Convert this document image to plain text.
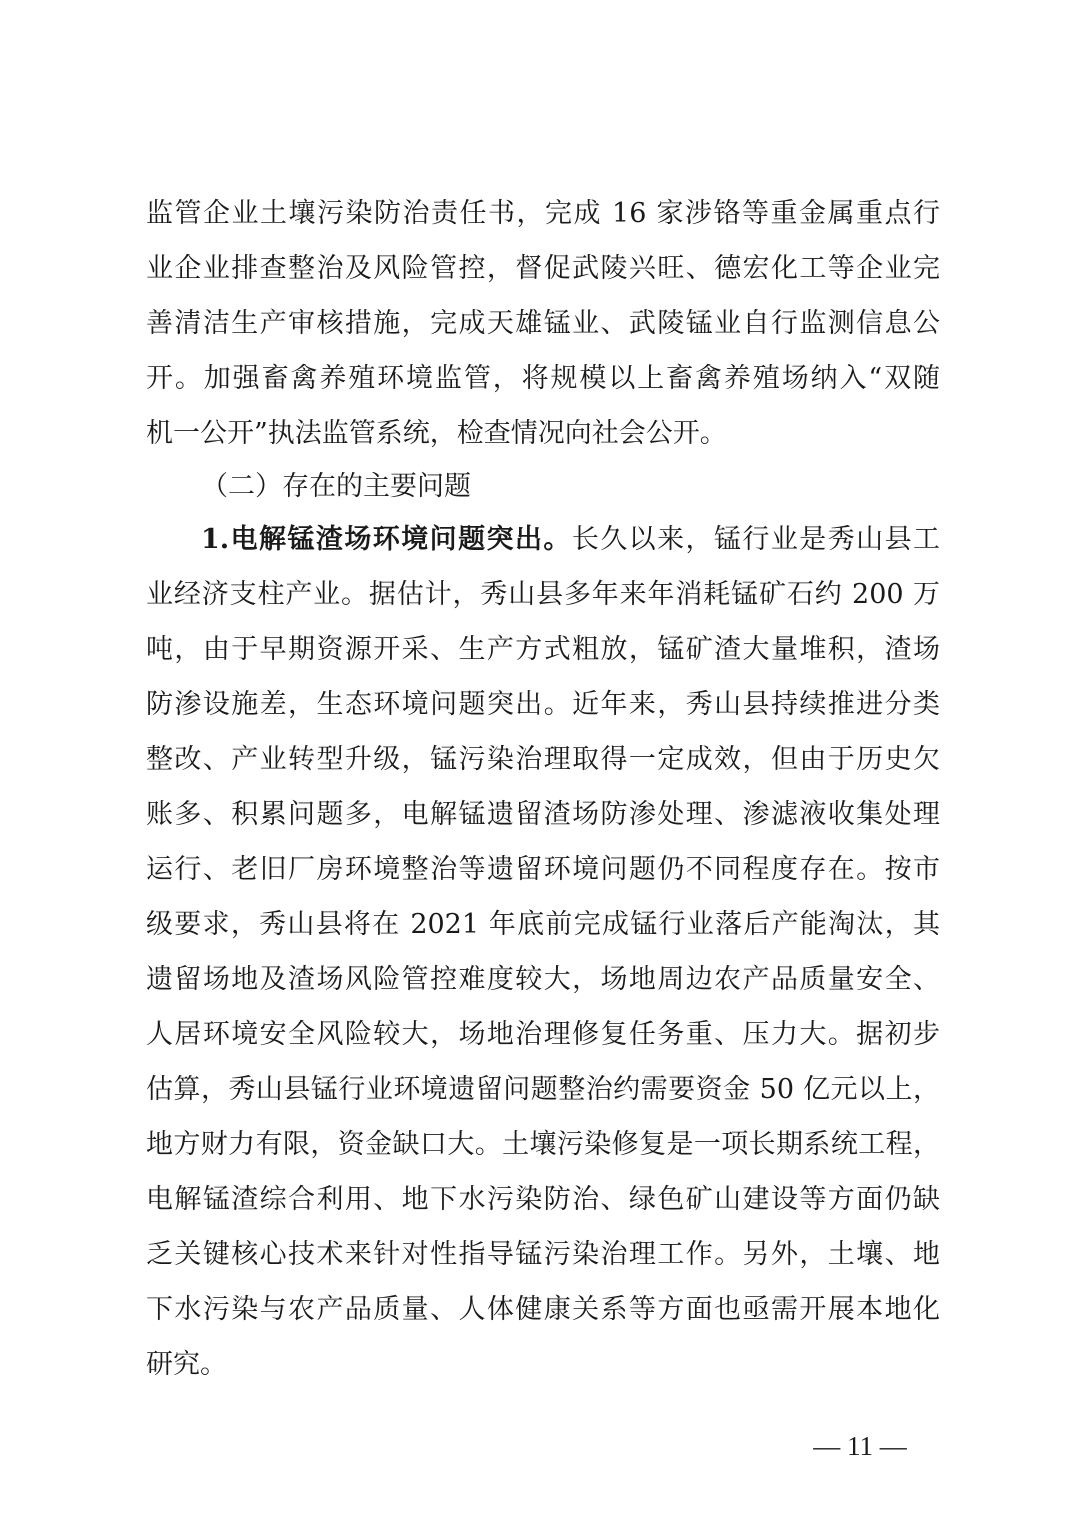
监管企业土壤污染防治责任书，完成 16 家涉铬等重金属重点行
业企业排查整治及风险管控，督促武陵兴旺、德宏化工等企业完
善清洁生产审核措施，完成天雄锰业、武陵锰业自行监测信息公
开。加强畜禽养殖环境监管，将规模以上畜禽养殖场纳入“双随
机一公开”执法监管系统，检查情况向社会公开。
（二）存在的主要问题
1.电解锰渣场环境问题突出。长久以来，锰行业是秀山县工
业经济支柱产业。据估计，秀山县多年来年消耗锰矿石约 200 万
吨，由于早期资源开采、生产方式粗放，锰矿渣大量堆积，渣场
防渗设施差，生态环境问题突出。近年来，秀山县持续推进分类
整改、产业转型升级，锰污染治理取得一定成效，但由于历史欠
账多、积累问题多，电解锰遗留渣场防渗处理、渗滤液收集处理
运行、老旧厂房环境整治等遗留环境问题仍不同程度存在。按市
级要求，秀山县将在 2021 年底前完成锰行业落后产能淘汰，其
遗留场地及渣场风险管控难度较大，场地周边农产品质量安全、
人居环境安全风险较大，场地治理修复任务重、压力大。据初步
估算，秀山县锰行业环境遗留问题整治约需要资金 50 亿元以上，
地方财力有限，资金缺口大。土壤污染修复是一项长期系统工程，
电解锰渣综合利用、地下水污染防治、绿色矿山建设等方面仍缺
乏关键核心技术来针对性指导锰污染治理工作。另外，土壤、地
下水污染与农产品质量、人体健康关系等方面也亟需开展本地化
研究。
— 11 —
